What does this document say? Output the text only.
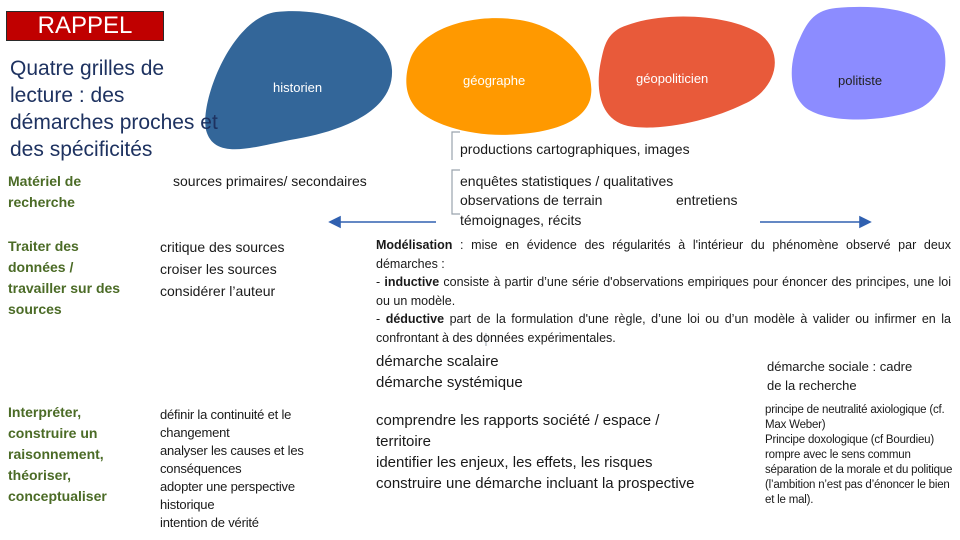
RAPPEL
Quatre grilles de lecture : des démarches proches et des spécificités
historien	géographe	géopoliticien	politiste
productions cartographiques, images
Matériel de recherche
sources primaires/ secondaires	enquêtes statistiques / qualitatives
observations de terrain	entretiens
témoignages, récits
Traiter des données / travailler sur des sources
critique des sources
croiser les sources
considérer l’auteur
Modélisation : mise en évidence des régularités à l'intérieur du phénomène observé par deux démarches :
- inductive consiste à partir d’une série d'observations empiriques pour énoncer des principes, une loi ou un modèle.
- déductive part de la formulation d'une règle, d’une loi ou d’un modèle à valider ou infirmer en la confrontant à des données expérimentales.
démarche scalaire
démarche systémique
démarche sociale : cadre
de la recherche
Interpréter, construire un raisonnement, théoriser, conceptualiser
définir la continuité et le changement
analyser les causes et les conséquences
adopter une perspective historique
intention de vérité
comprendre les rapports société / espace / territoire
identifier les enjeux, les effets, les risques
construire une démarche incluant la prospective
principe de neutralité axiologique (cf. Max Weber)
Principe doxologique (cf Bourdieu) rompre avec le sens commun
séparation de la morale et du politique (l’ambition n’est pas d’énoncer le bien et le mal).
